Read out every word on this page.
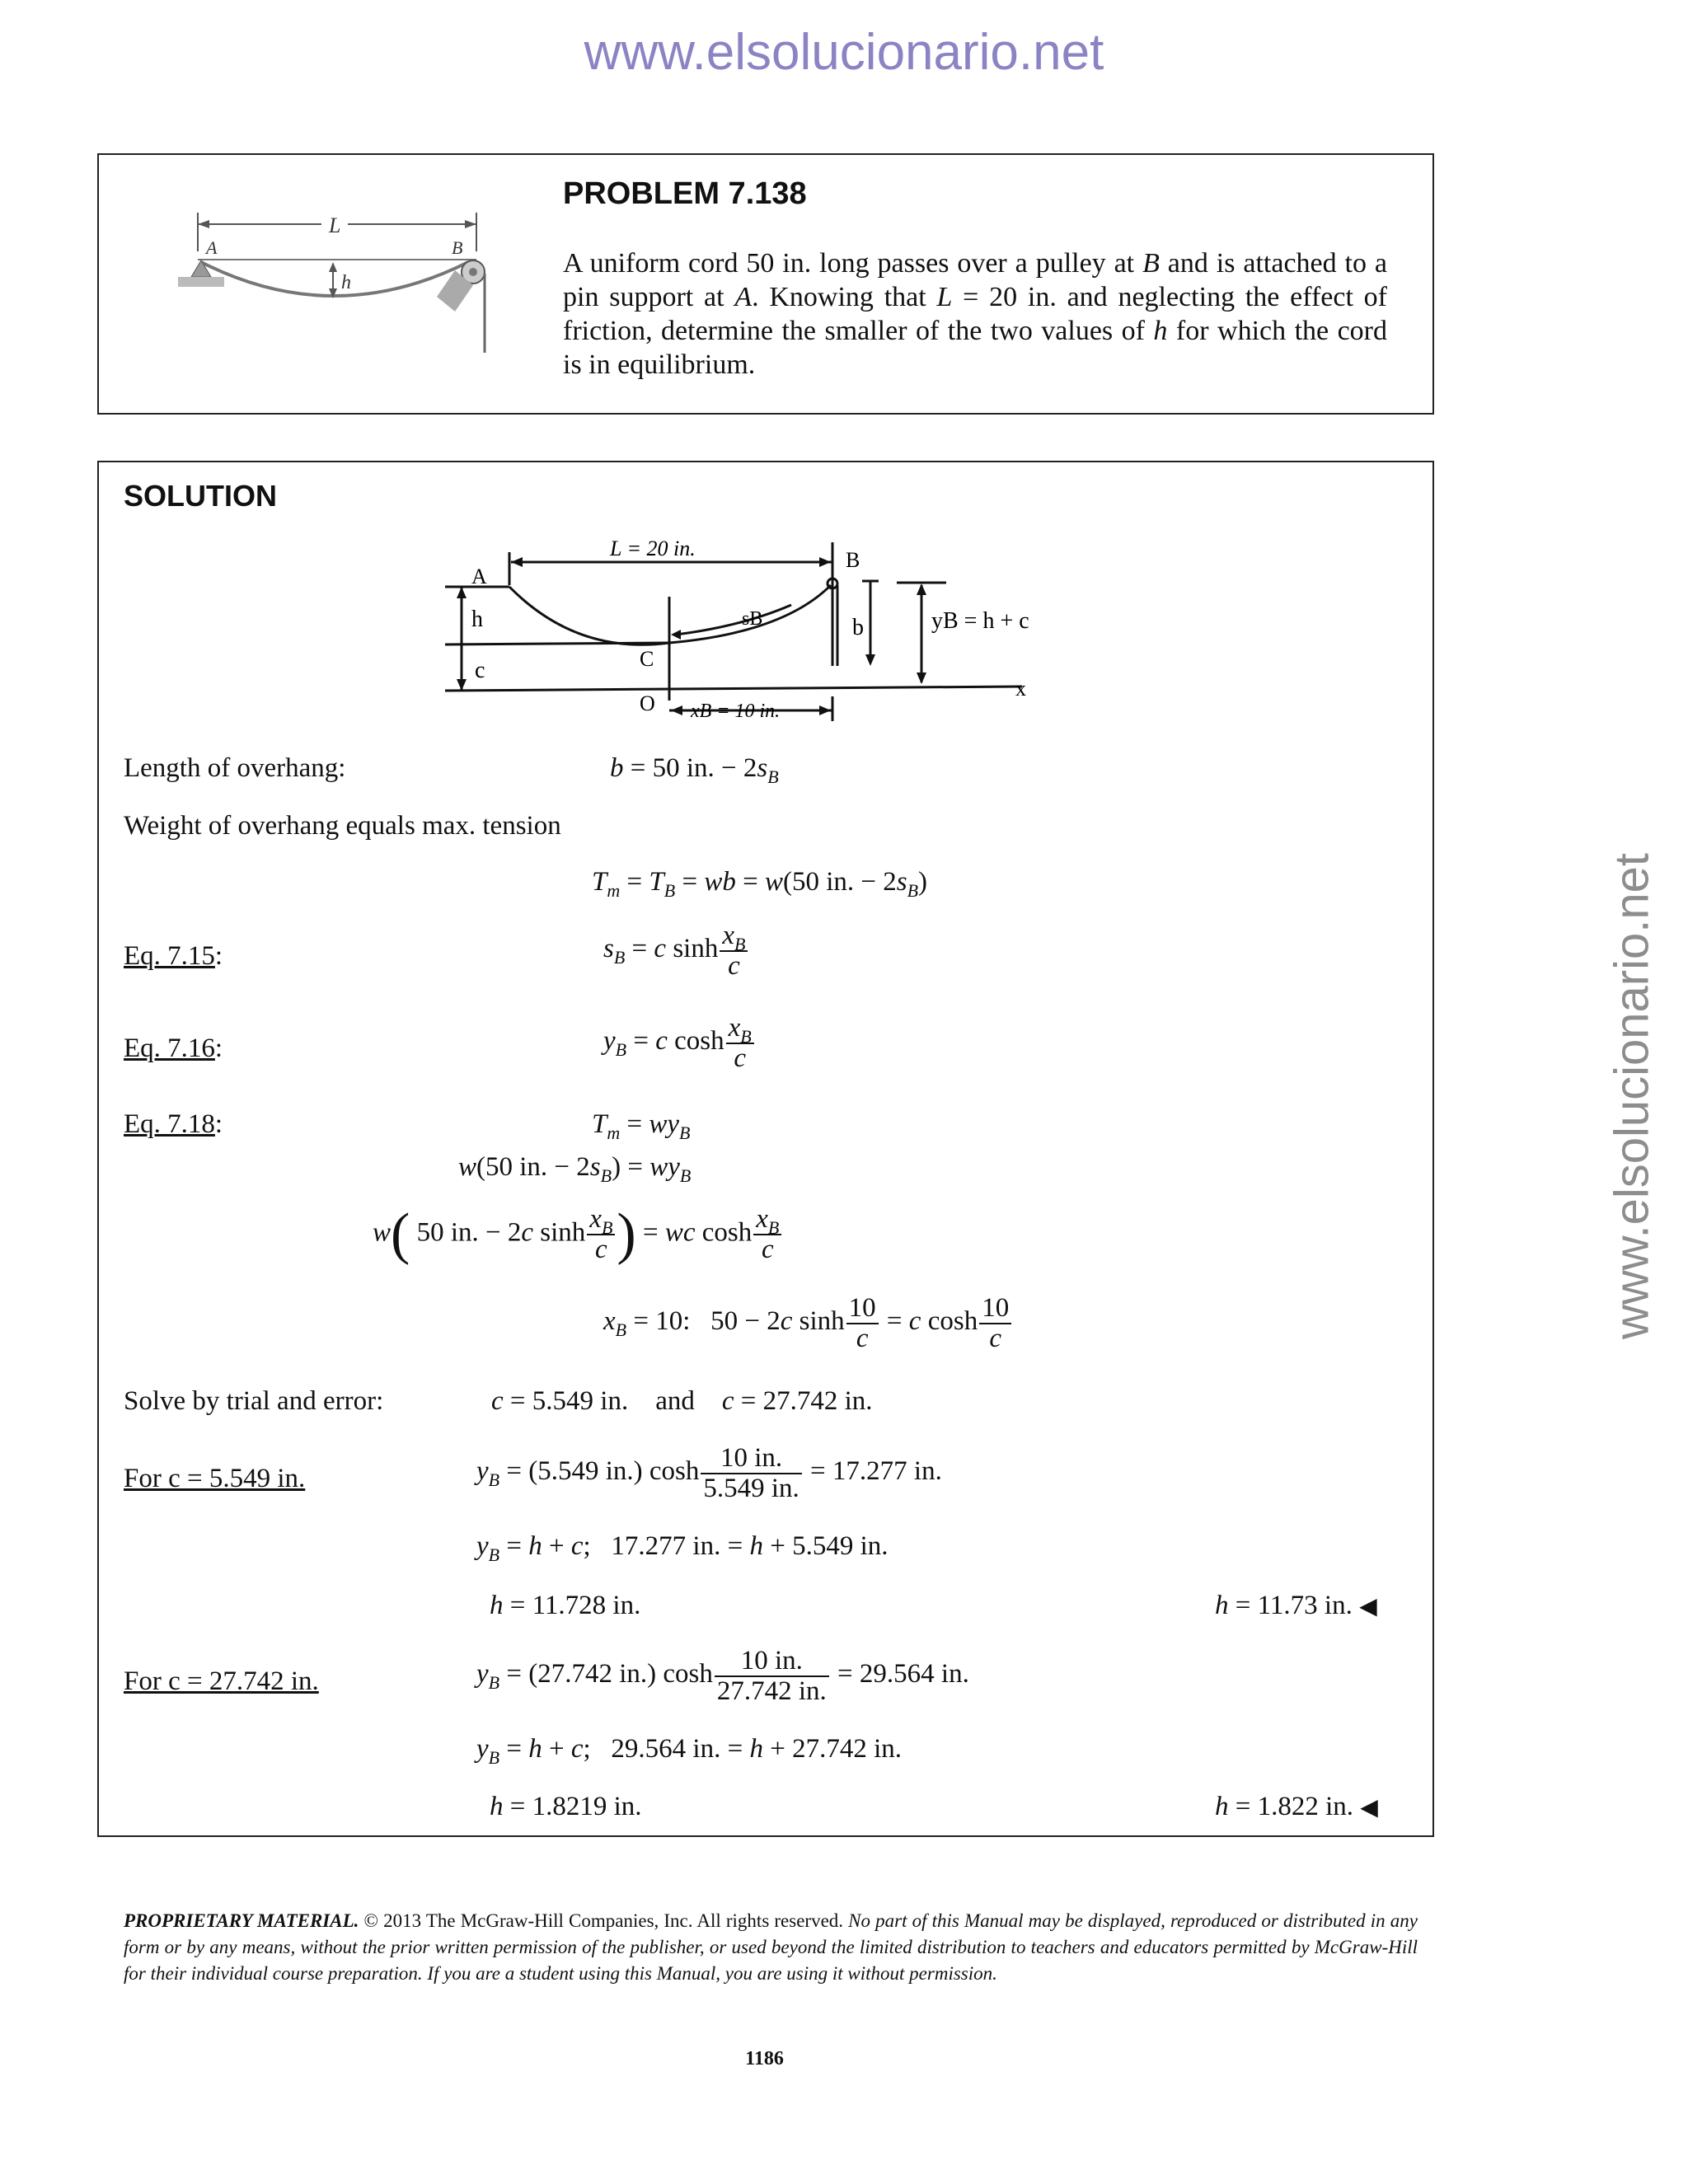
www.elsolucionario.net
www.elsolucionario.net
L
A	B
h
PROBLEM 7.138
A uniform cord 50 in. long passes over a pulley at B and is attached to a pin support at A. Knowing that L = 20 in. and neglecting the effect of friction, determine the smaller of the two values of h for which the cord is in equilibrium.
SOLUTION
L = 20 in.
A
B
h
c	C
O
sB	b	yB = h + c
xB = 10 in.
x
Length of overhang:	b = 50 in. − $2s_B$
Weight of overhang equals max. tension
$T_m = T_B$ = wb = w(50 in. − $2s_B$)
Eq. 7.15:	$s_B = c$ $\sinh \frac{x_B}{c}$
Eq. 7.16:	$y_B = c$ $\cosh \frac{x_B}{c}$
Eq. 7.18:	$T_m = wy_B$
w(50 in. − $2s_B) = wy_B$
w( 50 in. − 2c $\sinh \frac{x_B}{c}$ ) = wc $\cosh \frac{x_B}{c}$
$x_B = 10$:   50 − 2c $\sinh \frac{10}{c} = c$ $\cosh \frac{10}{c}$
Solve by trial and error:	c = 5.549 in. and c = 27.742 in.
For c = 5.549 in.	$y_B = (5.549$ in.) $\cosh \frac{10 in.}{5.549 in.} = 17.277$ in.
$y_B = h + c$;   17.277 in. = h + 5.549 in.
h = 11.728 in.	h = 11.73 in. ◀
For c = 27.742 in.	$y_B = (27.742$ in.) $\cosh \frac{10 in.}{27.742 in.} = 29.564$ in.
$y_B = h + c$;   29.564 in. = h + 27.742 in.
h = 1.8219 in.	h = 1.822 in. ◀
PROPRIETARY MATERIAL. © 2013 The McGraw-Hill Companies, Inc. All rights reserved. No part of this Manual may be displayed, reproduced or distributed in any form or by any means, without the prior written permission of the publisher, or used beyond the limited distribution to teachers and educators permitted by McGraw-Hill for their individual course preparation. If you are a student using this Manual, you are using it without permission.
1186
